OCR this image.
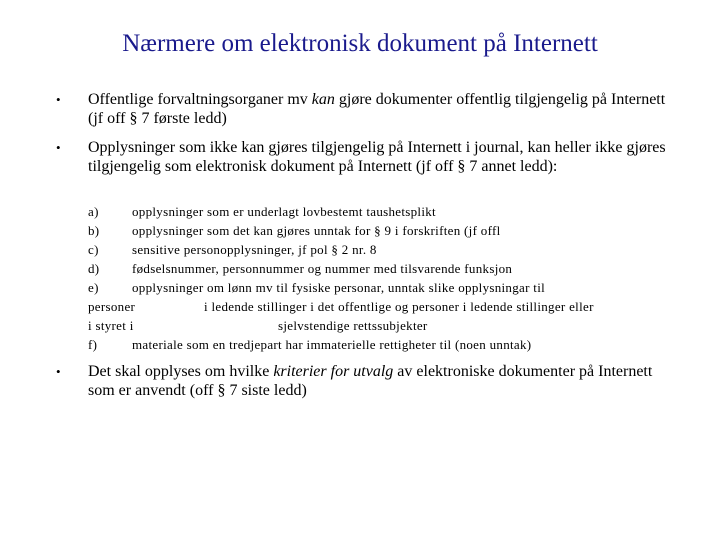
Nærmere om elektronisk dokument på Internett
• Offentlige forvaltningsorganer mv kan gjøre dokumenter offentlig tilgjengelig på Internett (jf off § 7 første ledd)
• Opplysninger som ikke kan gjøres tilgjengelig på Internett i journal, kan heller ikke gjøres tilgjengelig som elektronisk dokument på Internett (jf off § 7 annet ledd):
a)	opplysninger som er underlagt lovbestemt taushetsplikt
b)	opplysninger som det kan gjøres unntak for § 9 i forskriften (jf offl
c)	sensitive personopplysninger, jf pol § 2 nr. 8
d)	fødselsnummer, personnummer og nummer med tilsvarende funksjon
e)	opplysninger om lønn mv til fysiske personar, unntak slike opplysningar til
personer	i ledende stillinger i det offentlige og personer i ledende stillinger eller
i styret i	sjelvstendige rettssubjekter
f)	materiale som en tredjepart har immaterielle rettigheter til (noen unntak)
• Det skal opplyses om hvilke kriterier for utvalg av elektroniske dokumenter på Internett som er anvendt (off § 7 siste ledd)
